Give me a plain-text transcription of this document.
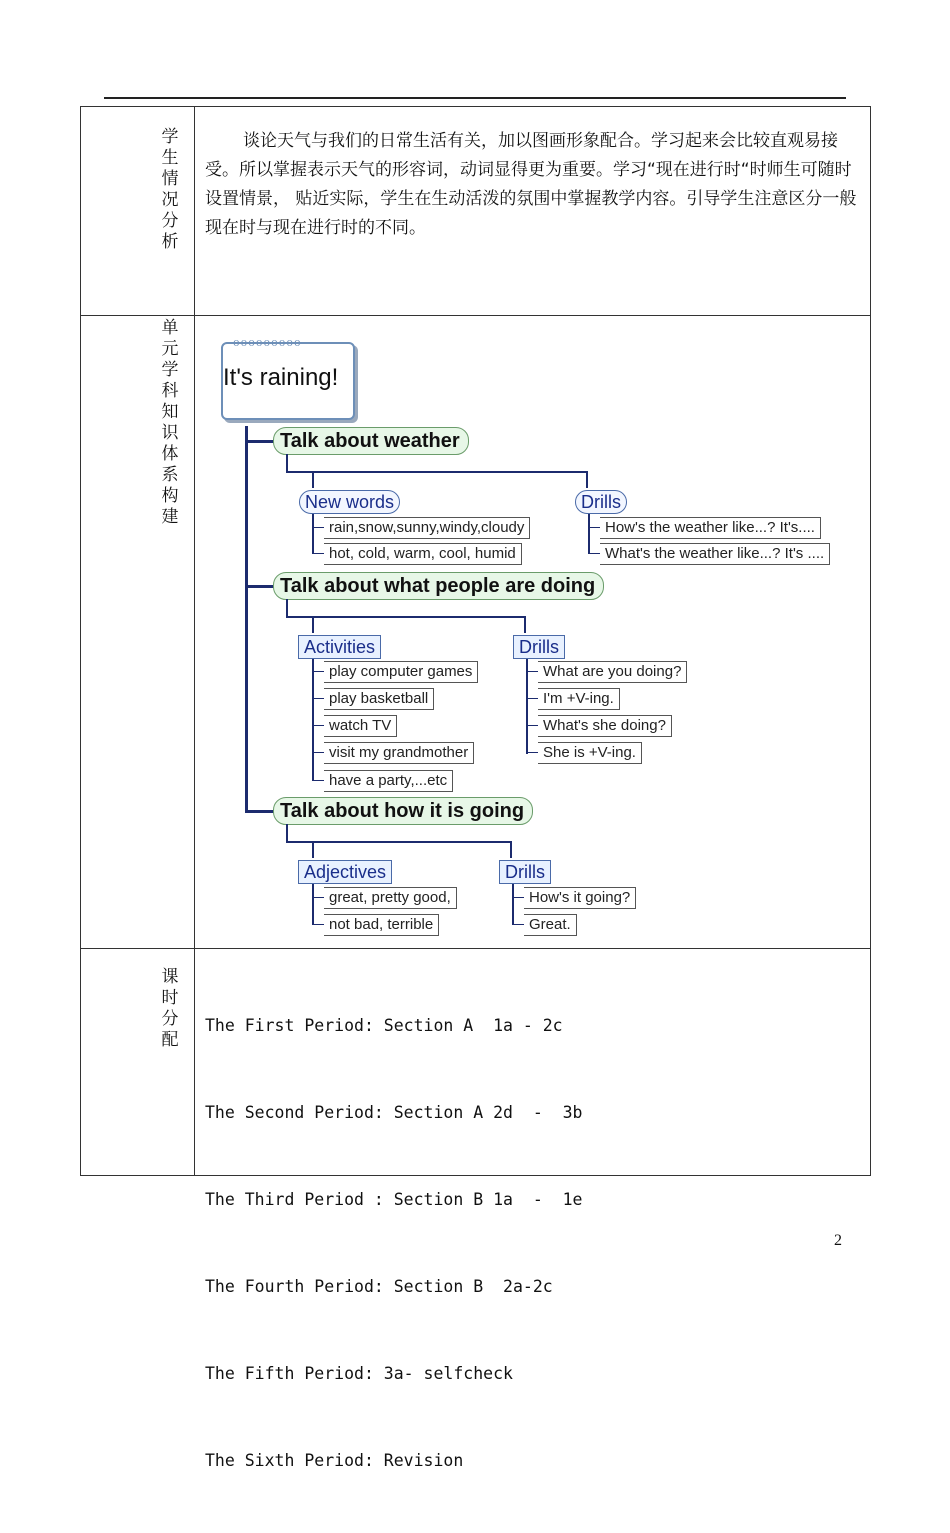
学
生
情
况
分
析

谈论天气与我们的日常生活有关，加以图画形象配合。学习起来会比较直观易接受。所以掌握表示天气的形容词，动词显得更为重要。学习“现在进行时“时师生可随时设置情景， 贴近实际，学生在生动活泼的氛围中掌握教学内容。引导学生注意区分一般现在时与现在进行时的不同。

单
元
学
科
知
识
体
系
构
建
ooooooooo
It's raining!
Talk about weather
New words	Drills
rain,snow,sunny,windy,cloudy
hot, cold, warm, cool, humid
How's the weather like...? It's....
What's the weather like...? It's ....
Talk about what people are doing
Activities	Drills
play computer games
play basketball
watch TV
visit my grandmother
have a party,...etc
What are you doing?
I'm +V-ing.
What's she doing?
She is +V-ing.
Talk about how it is going
Adjectives	Drills
great, pretty good,
not bad, terrible
How's it going?
Great.
课
时
分
配

The First Period: Section A  1a - 2c

The Second Period: Section A 2d  -  3b

The Third Period : Section B 1a  -  1e

The Fourth Period: Section B  2a-2c

The Fifth Period: 3a- selfcheck

The Sixth Period: Revision

2
